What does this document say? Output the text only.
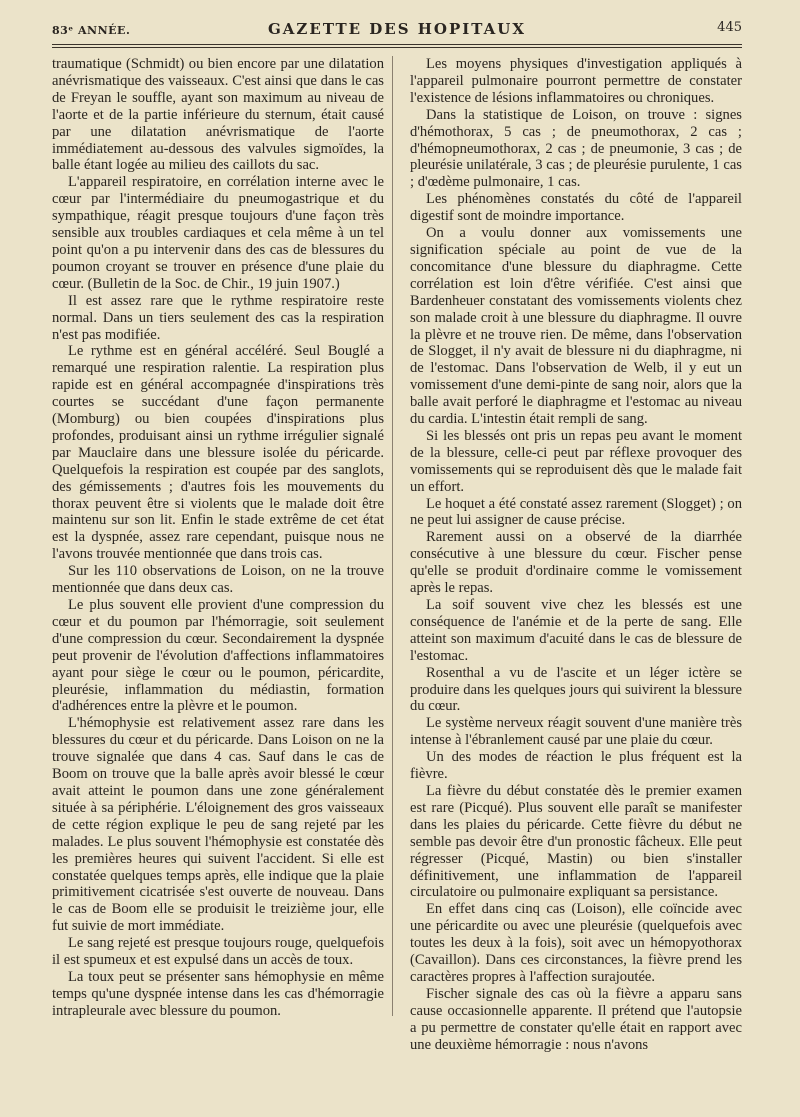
83ᵉ ANNÉE.	GAZETTE DES HOPITAUX	445

traumatique (Schmidt) ou bien encore par une dilatation anévrismatique des vaisseaux. C'est ainsi que dans le cas de Freyan le souffle, ayant son maximum au niveau de l'aorte et de la partie inférieure du sternum, était causé par une dilatation anévrismatique de l'aorte immédiatement au-dessous des valvules sigmoïdes, la balle étant logée au milieu des caillots du sac.

L'appareil respiratoire, en corrélation interne avec le cœur par l'intermédiaire du pneumogastrique et du sympathique, réagit presque toujours d'une façon très sensible aux troubles cardiaques et cela même à un tel point qu'on a pu intervenir dans des cas de blessures du poumon croyant se trouver en présence d'une plaie du cœur. (Bulletin de la Soc. de Chir., 19 juin 1907.)

Il est assez rare que le rythme respiratoire reste normal. Dans un tiers seulement des cas la respiration n'est pas modifiée.

Le rythme est en général accéléré. Seul Bouglé a remarqué une respiration ralentie. La respiration plus rapide est en général accompagnée d'inspirations très courtes se succédant d'une façon permanente (Momburg) ou bien coupées d'inspirations plus profondes, produisant ainsi un rythme irrégulier signalé par Mauclaire dans une blessure isolée du péricarde. Quelquefois la respiration est coupée par des sanglots, des gémissements ; d'autres fois les mouvements du thorax peuvent être si violents que le malade doit être maintenu sur son lit. Enfin le stade extrême de cet état est la dyspnée, assez rare cependant, puisque nous ne l'avons trouvée mentionnée que dans trois cas.

Sur les 110 observations de Loison, on ne la trouve mentionnée que dans deux cas.

Le plus souvent elle provient d'une compression du cœur et du poumon par l'hémorragie, soit seulement d'une compression du cœur. Secondairement la dyspnée peut provenir de l'évolution d'affections inflammatoires ayant pour siège le cœur ou le poumon, péricardite, pleurésie, inflammation du médiastin, formation d'adhérences entre la plèvre et le poumon.

L'hémophysie est relativement assez rare dans les blessures du cœur et du péricarde. Dans Loison on ne la trouve signalée que dans 4 cas. Sauf dans le cas de Boom on trouve que la balle après avoir blessé le cœur avait atteint le poumon dans une zone généralement située à sa périphérie. L'éloignement des gros vaisseaux de cette région explique le peu de sang rejeté par les malades. Le plus souvent l'hémophysie est constatée dès les premières heures qui suivent l'accident. Si elle est constatée quelques temps après, elle indique que la plaie primitivement cicatrisée s'est ouverte de nouveau. Dans le cas de Boom elle se produisit le treizième jour, elle fut suivie de mort immédiate.

Le sang rejeté est presque toujours rouge, quelquefois il est spumeux et est expulsé dans un accès de toux.

La toux peut se présenter sans hémophysie en même temps qu'une dyspnée intense dans les cas d'hémorragie intrapleurale avec blessure du poumon.

Les moyens physiques d'investigation appliqués à l'appareil pulmonaire pourront permettre de constater l'existence de lésions inflammatoires ou chroniques.

Dans la statistique de Loison, on trouve : signes d'hémothorax, 5 cas ; de pneumothorax, 2 cas ; d'hémopneumothorax, 2 cas ; de pneumonie, 3 cas ; de pleurésie unilatérale, 3 cas ; de pleurésie purulente, 1 cas ; d'œdème pulmonaire, 1 cas.

Les phénomènes constatés du côté de l'appareil digestif sont de moindre importance.

On a voulu donner aux vomissements une signification spéciale au point de vue de la concomitance d'une blessure du diaphragme. Cette corrélation est loin d'être vérifiée. C'est ainsi que Bardenheuer constatant des vomissements violents chez son malade croit à une blessure du diaphragme. Il ouvre la plèvre et ne trouve rien. De même, dans l'observation de Slogget, il n'y avait de blessure ni du diaphragme, ni de l'estomac. Dans l'observation de Welb, il y eut un vomissement d'une demi-pinte de sang noir, alors que la balle avait perforé le diaphragme et l'estomac au niveau du cardia. L'intestin était rempli de sang.

Si les blessés ont pris un repas peu avant le moment de la blessure, celle-ci peut par réflexe provoquer des vomissements qui se reproduisent dès que le malade fait un effort.

Le hoquet a été constaté assez rarement (Slogget) ; on ne peut lui assigner de cause précise.

Rarement aussi on a observé de la diarrhée consécutive à une blessure du cœur. Fischer pense qu'elle se produit d'ordinaire comme le vomissement après le repas.

La soif souvent vive chez les blessés est une conséquence de l'anémie et de la perte de sang. Elle atteint son maximum d'acuité dans le cas de blessure de l'estomac.

Rosenthal a vu de l'ascite et un léger ictère se produire dans les quelques jours qui suivirent la blessure du cœur.

Le système nerveux réagit souvent d'une manière très intense à l'ébranlement causé par une plaie du cœur.

Un des modes de réaction le plus fréquent est la fièvre.

La fièvre du début constatée dès le premier examen est rare (Picqué). Plus souvent elle paraît se manifester dans les plaies du péricarde. Cette fièvre du début ne semble pas devoir être d'un pronostic fâcheux. Elle peut régresser (Picqué, Mastin) ou bien s'installer définitivement, une inflammation de l'appareil circulatoire ou pulmonaire expliquant sa persistance.

En effet dans cinq cas (Loison), elle coïncide avec une péricardite ou avec une pleurésie (quelquefois avec toutes les deux à la fois), soit avec un hémopyothorax (Cavaillon). Dans ces circonstances, la fièvre prend les caractères propres à l'affection surajoutée.

Fischer signale des cas où la fièvre a apparu sans cause occasionnelle apparente. Il prétend que l'autopsie a pu permettre de constater qu'elle était en rapport avec une deuxième hémorragie : nous n'avons
